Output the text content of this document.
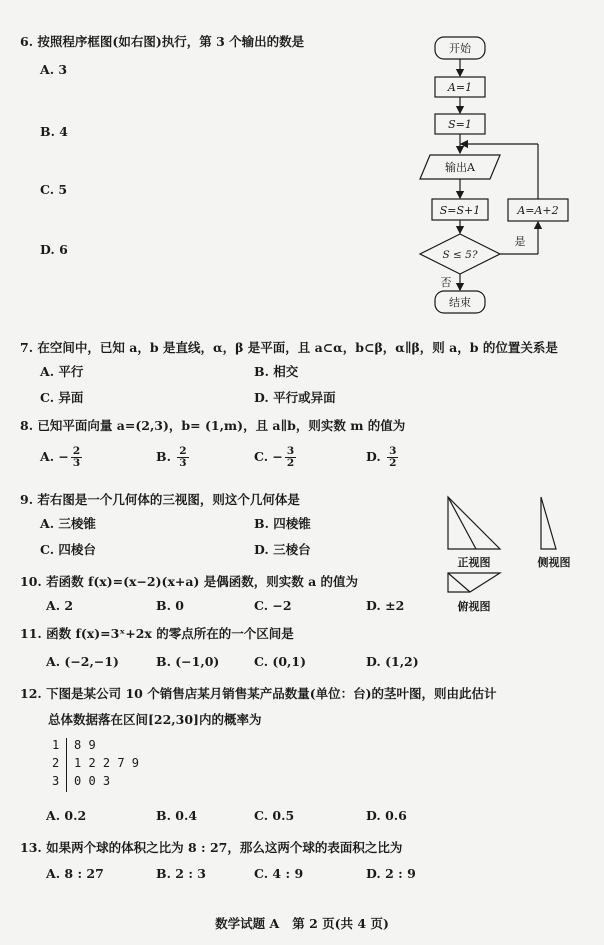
6. 按照程序框图(如右图)执行，第 3 个输出的数是
A. 3
B. 4
C. 5
D. 6
开始
A=1
S=1
输出A
S=S+1	A=A+2
S ≤ 5?
是
否
结束
7. 在空间中，已知 a，b 是直线，α，β 是平面，且 a⊂α，b⊂β，α∥β，则 a，b 的位置关系是
A. 平行	B. 相交
C. 异面	D. 平行或异面
8. 已知平面向量 a=(2,3)，b= (1,m)，且 a∥b，则实数 m 的值为
A. − $\frac{2}{3}$	B. $\frac{2}{3}$	C. − $\frac{3}{2}$	D. $\frac{3}{2}$
9. 若右图是一个几何体的三视图，则这个几何体是
A. 三棱锥	B. 四棱锥
C. 四棱台	D. 三棱台
正视图	侧视图
俯视图
10. 若函数 f(x)=(x−2)(x+a) 是偶函数，则实数 a 的值为
A. 2	B. 0	C. −2	D. ±2
11. 函数 f(x)=3ˣ+2x 的零点所在的一个区间是
A. (−2,−1)	B. (−1,0)	C. (0,1)	D. (1,2)
12. 下图是某公司 10 个销售店某月销售某产品数量(单位：台)的茎叶图，则由此估计
总体数据落在区间[22,30]内的概率为
1 8 9
2 1 2 2 7 9
3 0 0 3
A. 0.2	B. 0.4	C. 0.5	D. 0.6
13. 如果两个球的体积之比为 8 : 27，那么这两个球的表面积之比为
A. 8 : 27	B. 2 : 3	C. 4 : 9	D. 2 : 9
数学试题 A   第 2 页(共 4 页)
